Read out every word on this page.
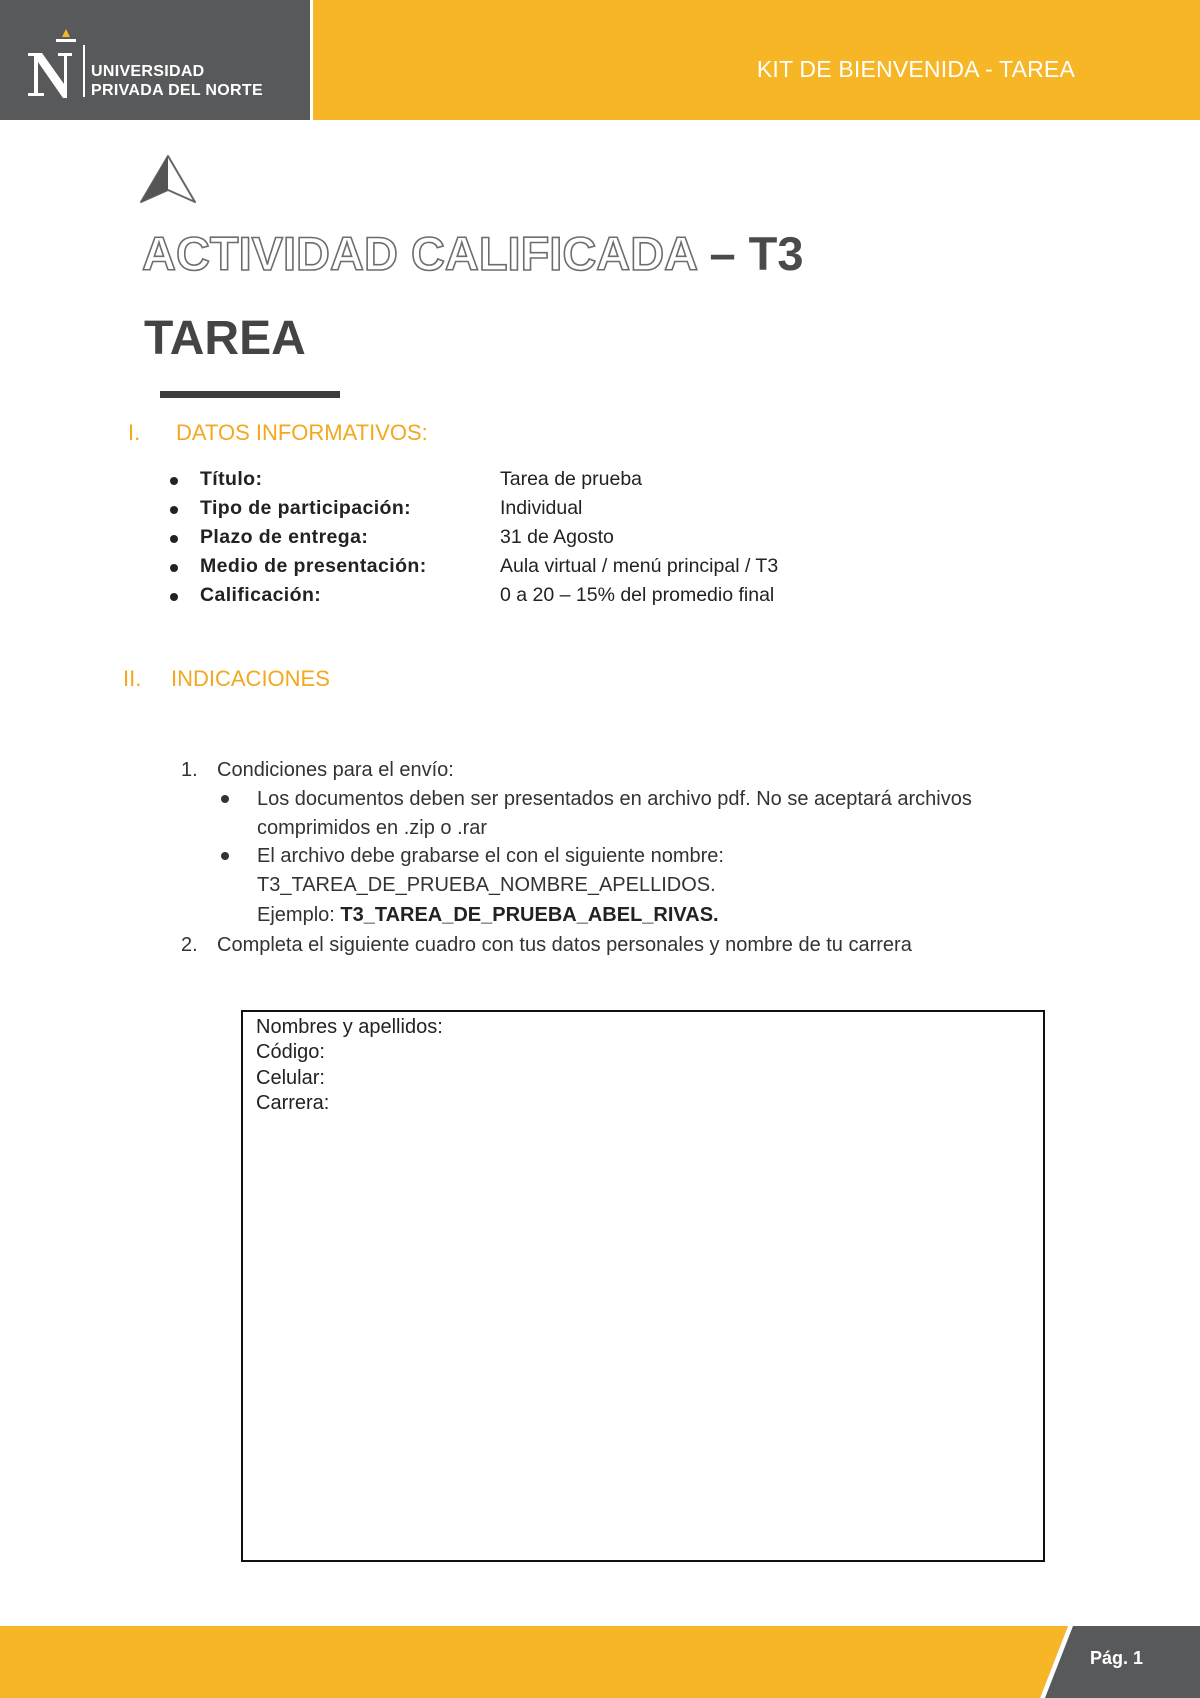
UNIVERSIDAD
PRIVADA DEL NORTE
KIT DE BIENVENIDA - TAREA
ACTIVIDAD CALIFICADA – T3
TAREA
I. DATOS INFORMATIVOS:
Título:	Tarea de prueba
Tipo de participación:	Individual
Plazo de entrega:	31 de Agosto
Medio de presentación:	Aula virtual / menú principal / T3
Calificación:	0 a 20 – 15% del promedio final
II. INDICACIONES
1. Condiciones para el envío:
Los documentos deben ser presentados en archivo pdf. No se aceptará archivos
comprimidos en .zip o .rar
El archivo debe grabarse el con el siguiente nombre:
T3_TAREA_DE_PRUEBA_NOMBRE_APELLIDOS.
Ejemplo: T3_TAREA_DE_PRUEBA_ABEL_RIVAS.
2. Completa el siguiente cuadro con tus datos personales y nombre de tu carrera
Nombres y apellidos:
Código:
Celular:
Carrera:
Pág. 1
